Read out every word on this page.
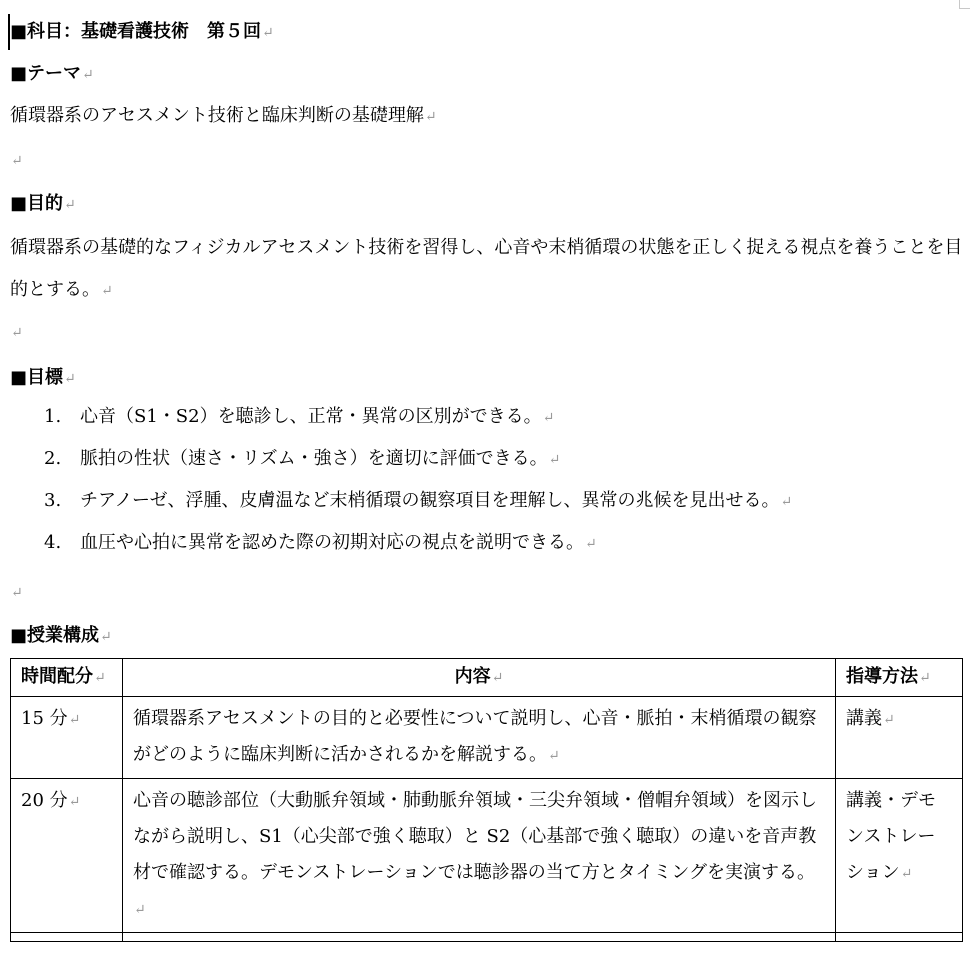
■科目：基礎看護技術　第５回↵
■テーマ↵
循環器系のアセスメント技術と臨床判断の基礎理解↵
↵
■目的↵
循環器系の基礎的なフィジカルアセスメント技術を習得し、心音や末梢循環の状態を正しく捉える視点を養うことを目的とする。↵
↵
■目標↵
1. 心音（S1・S2）を聴診し、正常・異常の区別ができる。↵
2. 脈拍の性状（速さ・リズム・強さ）を適切に評価できる。↵
3. チアノーゼ、浮腫、皮膚温など末梢循環の観察項目を理解し、異常の兆候を見出せる。↵
4. 血圧や心拍に異常を認めた際の初期対応の視点を説明できる。↵
↵
■授業構成↵
時間配分↵	内容↵	指導方法↵
15 分↵	循環器系アセスメントの目的と必要性について説明し、心音・脈拍・末梢循環の観察がどのように臨床判断に活かされるかを解説する。↵	講義↵
20 分↵	心音の聴診部位（大動脈弁領域・肺動脈弁領域・三尖弁領域・僧帽弁領域）を図示しながら説明し、S1（心尖部で強く聴取）と S2（心基部で強く聴取）の違いを音声教材で確認する。デモンストレーションでは聴診器の当て方とタイミングを実演する。↵	講義・デモンストレーション↵
